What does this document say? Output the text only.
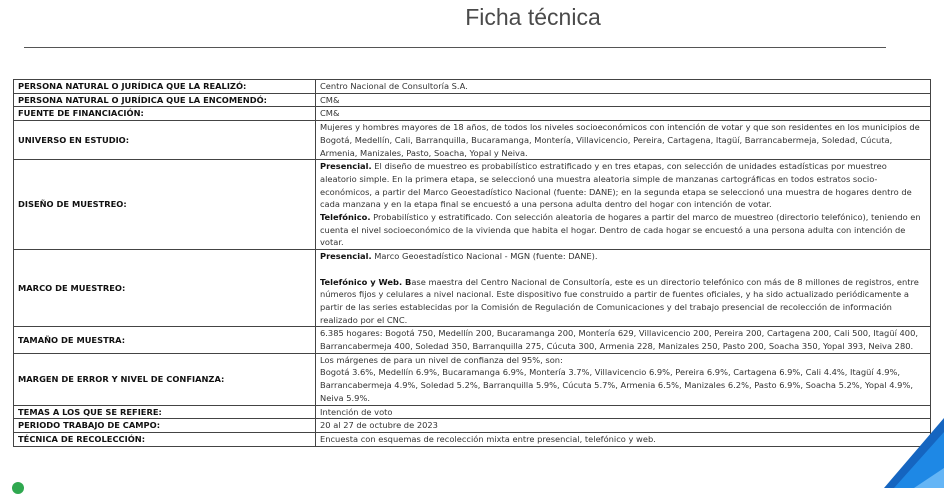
Ficha técnica
PERSONA NATURAL O JURÍDICA QUE LA REALIZÓ:	Centro Nacional de Consultoría S.A.
PERSONA NATURAL O JURÍDICA QUE LA ENCOMENDÓ:	CM&
FUENTE DE FINANCIACIÓN:	CM&
UNIVERSO EN ESTUDIO:	Mujeres y hombres mayores de 18 años, de todos los niveles socioeconómicos con intención de votar y que son residentes en los municipios de Bogotá, Medellín, Cali, Barranquilla, Bucaramanga, Montería, Villavicencio, Pereira, Cartagena, Itagüí, Barrancabermeja, Soledad, Cúcuta, Armenia, Manizales, Pasto, Soacha, Yopal y Neiva.
DISEÑO DE MUESTREO:	Presencial. El diseño de muestreo es probabilístico estratificado y en tres etapas, con selección de unidades estadísticas por muestreo aleatorio simple. En la primera etapa, se seleccionó una muestra aleatoria simple de manzanas cartográficas en todos estratos socio-económicos, a partir del Marco Geoestadístico Nacional (fuente: DANE); en la segunda etapa se seleccionó una muestra de hogares dentro de cada manzana y en la etapa final se encuestó a una persona adulta dentro del hogar con intención de votar.

Telefónico. Probabilístico y estratificado. Con selección aleatoria de hogares a partir del marco de muestreo (directorio telefónico), teniendo en cuenta el nivel socioeconómico de la vivienda que habita el hogar. Dentro de cada hogar se encuestó a una persona adulta con intención de votar.

MARCO DE MUESTREO:	Presencial. Marco Geoestadístico Nacional - MGN (fuente: DANE).

Telefónico y Web. Base maestra del Centro Nacional de Consultoría, este es un directorio telefónico con más de 8 millones de registros, entre números fijos y celulares a nivel nacional. Este dispositivo fue construido a partir de fuentes oficiales, y ha sido actualizado periódicamente a partir de las series establecidas por la Comisión de Regulación de Comunicaciones y del trabajo presencial de recolección de información realizado por el CNC.

TAMAÑO DE MUESTRA:	6.385 hogares: Bogotá 750, Medellín 200, Bucaramanga 200, Montería 629, Villavicencio 200, Pereira 200, Cartagena 200, Cali 500, Itagüí 400, Barrancabermeja 400, Soledad 350, Barranquilla 275, Cúcuta 300, Armenia 228, Manizales 250, Pasto 200, Soacha 350, Yopal 393, Neiva 280.
MARGEN DE ERROR Y NIVEL DE CONFIANZA:	Los márgenes de para un nivel de confianza del 95%, son:

Bogotá 3.6%, Medellín 6.9%, Bucaramanga 6.9%, Montería 3.7%, Villavicencio 6.9%, Pereira 6.9%, Cartagena 6.9%, Cali 4.4%, Itagüí 4.9%, Barrancabermeja 4.9%, Soledad 5.2%, Barranquilla 5.9%, Cúcuta 5.7%, Armenia 6.5%, Manizales 6.2%, Pasto 6.9%, Soacha 5.2%, Yopal 4.9%, Neiva 5.9%.

TEMAS A LOS QUE SE REFIERE:	Intención de voto
PERIODO TRABAJO DE CAMPO:	20 al 27 de octubre de 2023
TÉCNICA DE RECOLECCIÓN:	Encuesta con esquemas de recolección mixta entre presencial, telefónico y web.
